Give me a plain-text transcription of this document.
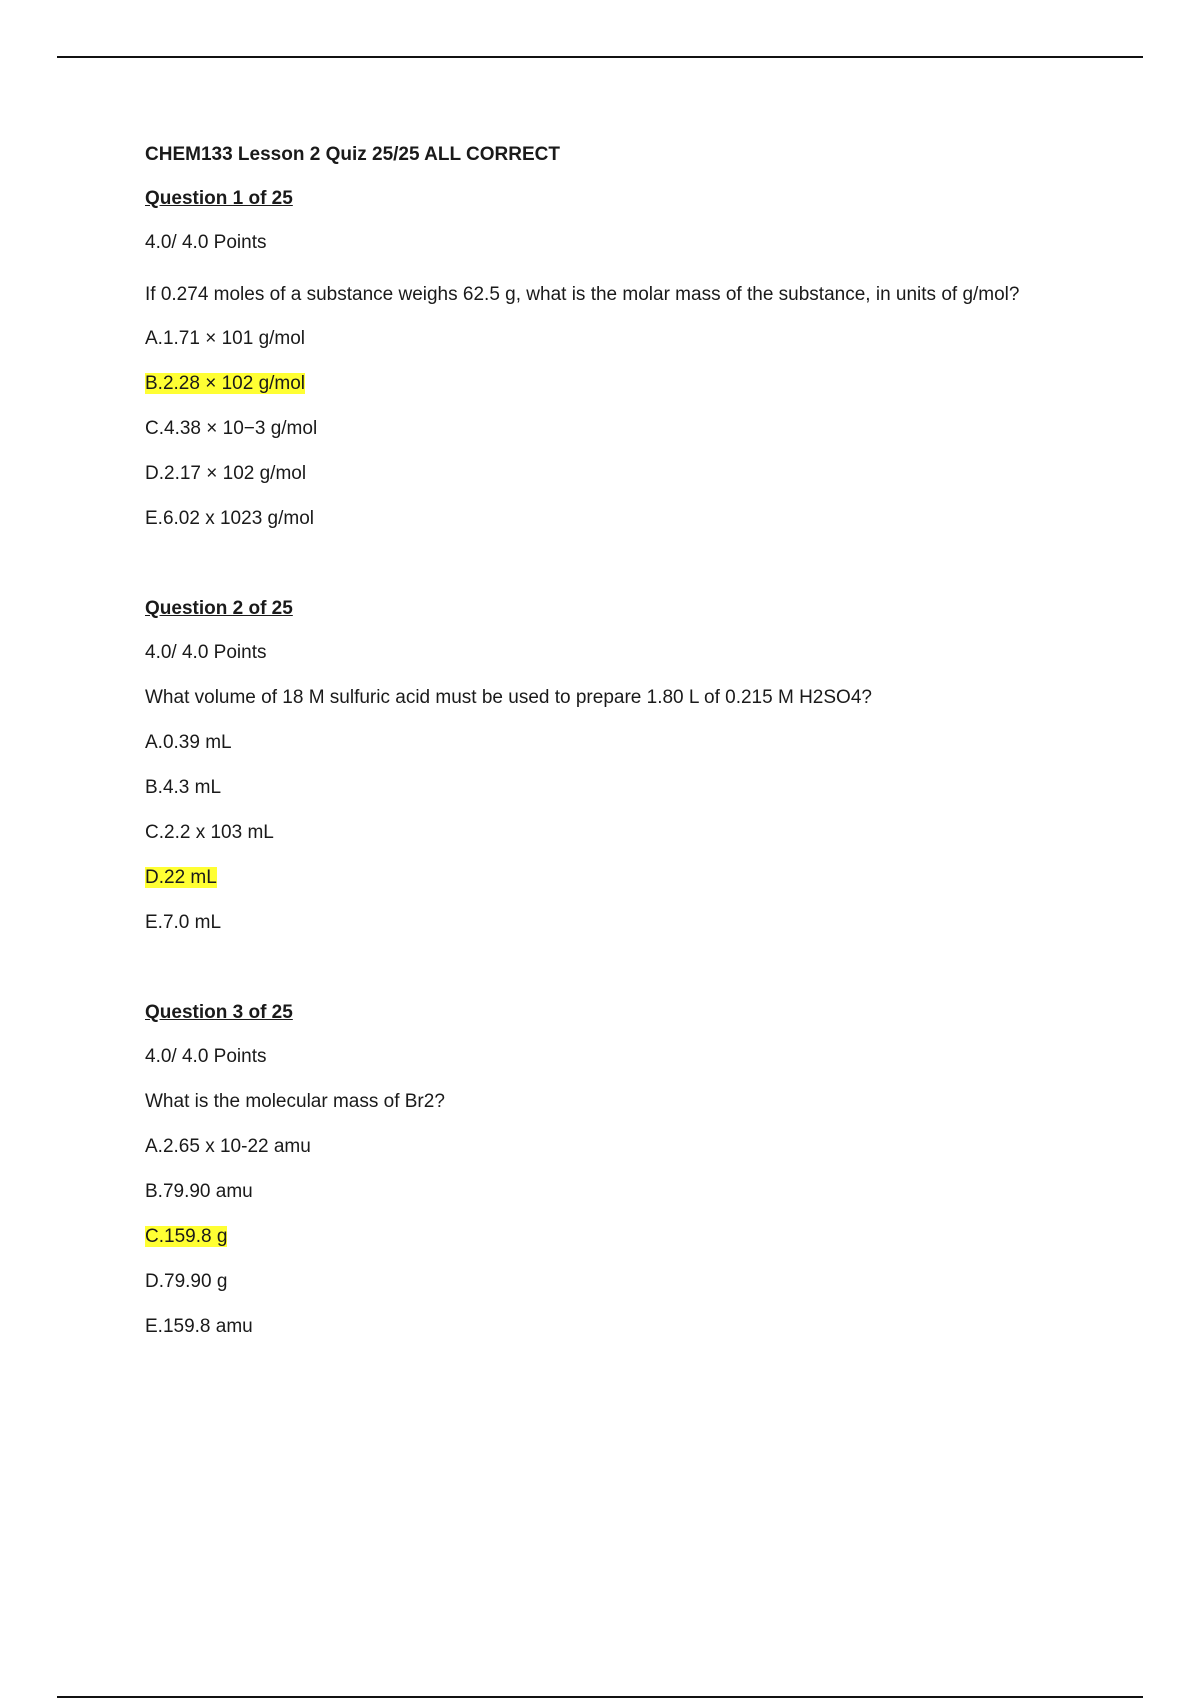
CHEM133 Lesson 2 Quiz 25/25 ALL CORRECT
Question 1 of 25
4.0/ 4.0 Points
If 0.274 moles of a substance weighs 62.5 g, what is the molar mass of the substance, in units of g/mol?
A.1.71 × 101 g/mol
B.2.28 × 102 g/mol
C.4.38 × 10−3 g/mol
D.2.17 × 102 g/mol
E.6.02 x 1023 g/mol
Question 2 of 25
4.0/ 4.0 Points
What volume of 18 M sulfuric acid must be used to prepare 1.80 L of 0.215 M H2SO4?
A.0.39 mL
B.4.3 mL
C.2.2 x 103 mL
D.22 mL
E.7.0 mL
Question 3 of 25
4.0/ 4.0 Points
What is the molecular mass of Br2?
A.2.65 x 10-22 amu
B.79.90 amu
C.159.8 g
D.79.90 g
E.159.8 amu
